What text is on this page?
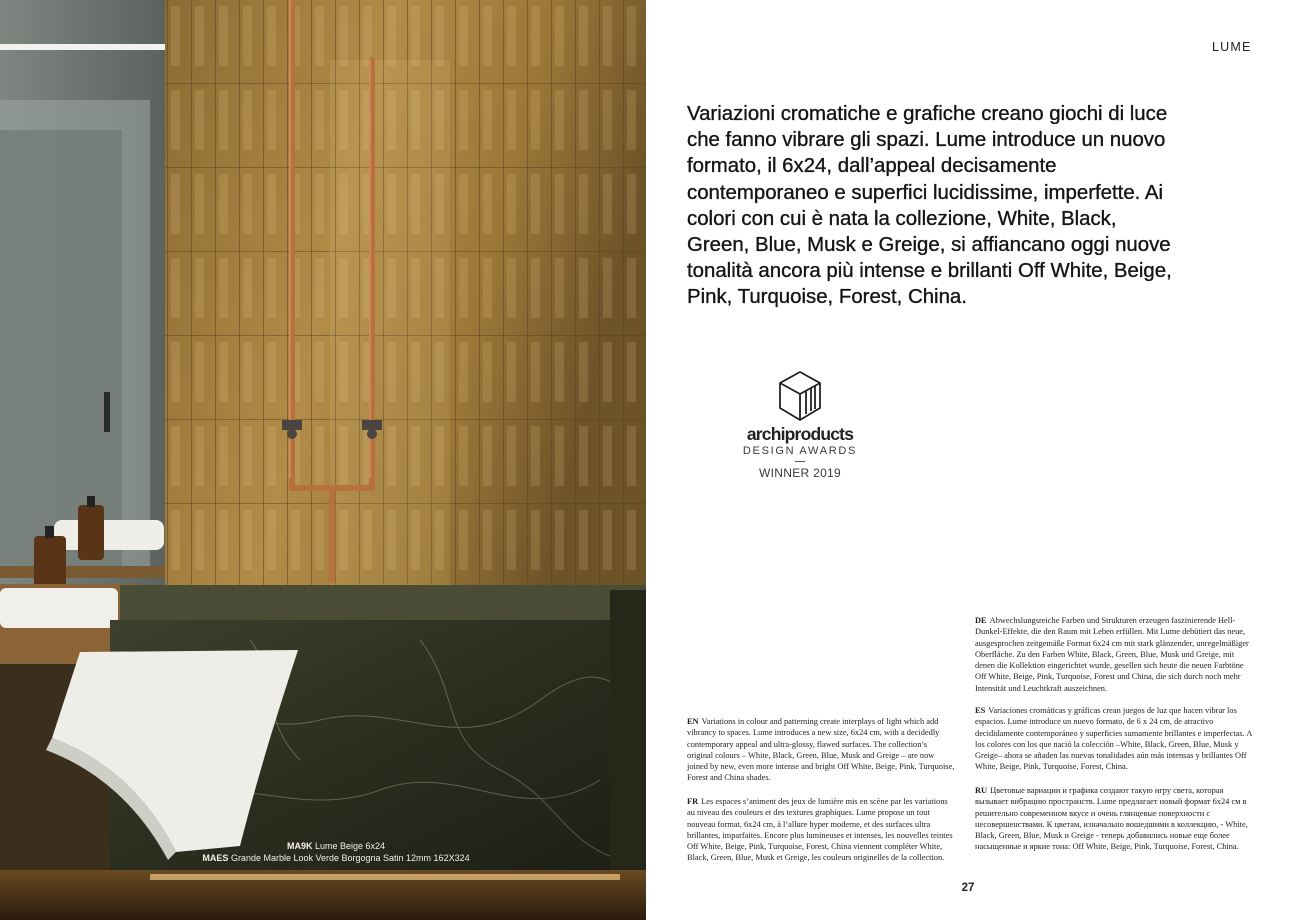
MA9K Lume Beige 6x24
MAES Grande Marble Look Verde Borgogna Satin 12mm 162X324
LUME
Variazioni cromatiche e grafiche creano giochi di luce che fanno vibrare gli spazi. Lume introduce un nuovo formato, il 6x24, dall’appeal decisamente contemporaneo e superfici lucidissime, imperfette. Ai colori con cui è nata la collezione, White, Black, Green, Blue, Musk e Greige, si affiancano oggi nuove tonalità ancora più intense e brillanti Off White, Beige, Pink, Turquoise, Forest, China.
archiproducts
DESIGN AWARDS
WINNER 2019

DE Abwechslungsreiche Farben und Strukturen erzeugen faszinierende Hell-Dunkel-Effekte, die den Raum mit Leben erfüllen. Mit Lume debütiert das neue, ausgesprochen zeitgemäße Format 6x24 cm mit stark glänzender, unregelmäßiger Oberfläche. Zu den Farben White, Black, Green, Blue, Musk und Greige, mit denen die Kollektion eingerichtet wurde, gesellen sich heute die neuen Farbtöne Off White, Beige, Pink, Turquoise, Forest und China, die sich durch noch mehr Intensität und Leuchtkraft auszeichnen.

ES Variaciones cromáticas y gráficas crean juegos de luz que hacen vibrar los espacios. Lume introduce un nuevo formato, de 6 x 24 cm, de atractivo decididamente contemporáneo y superficies sumamente brillantes e imperfectas. A los colores con los que nació la colección –White, Black, Green, Blue, Musk y Greige– ahora se añaden las nuevas tonalidades aún más intensas y brillantes Off White, Beige, Pink, Turquoise, Forest, China.

RU Цветовые вариации и графика создают такую игру света, которая вызывает вибрацию пространств. Lume предлагает новый формат 6x24 см в решительно современном вкусе и очень глянцевые поверхности с несовершенствами. К цветам, изначально вошедшими в коллекцию, - White, Black, Green, Blue, Musk и Greige - теперь добавились новые еще более насыщенные и яркие тона: Off White, Beige, Pink, Turquoise, Forest, China.

EN Variations in colour and patterning create interplays of light which add vibrancy to spaces. Lume introduces a new size, 6x24 cm, with a decidedly contemporary appeal and ultra-glossy, flawed surfaces. The collection’s original colours – White, Black, Green, Blue, Musk and Greige – are now joined by new, even more intense and bright Off White, Beige, Pink, Turquoise, Forest and China shades.

FR Les espaces s’animent des jeux de lumière mis en scène par les variations au niveau des couleurs et des textures graphiques. Lume propose un tout nouveau format, 6x24 cm, à l’allure hyper moderne, et des surfaces ultra brillantes, imparfaites. Encore plus lumineuses et intenses, les nouvelles teintes Off White, Beige, Pink, Turquoise, Forest, China viennent compléter White, Black, Green, Blue, Musk et Greige, les couleurs originelles de la collection.

27
